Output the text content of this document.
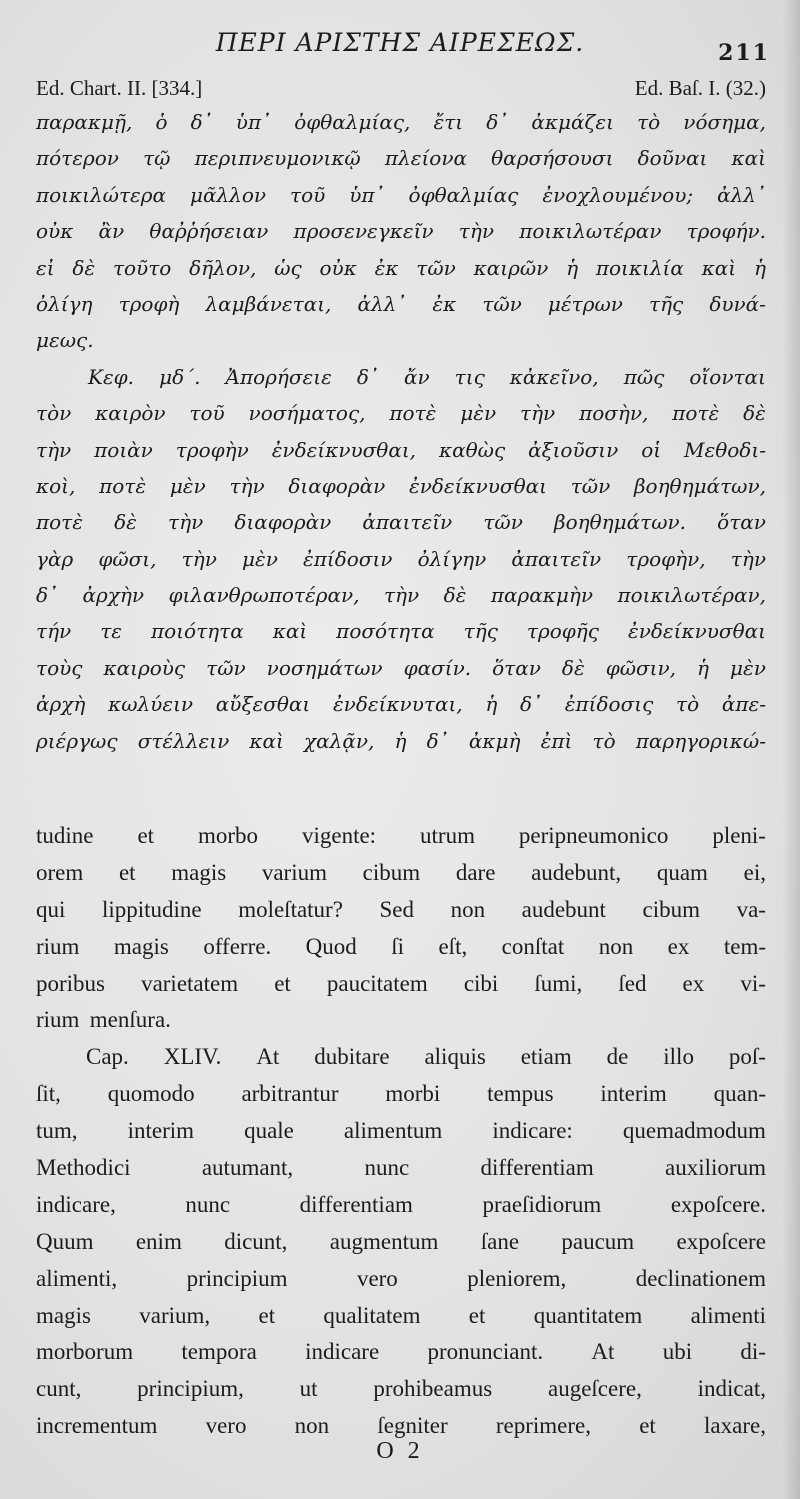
ΠΕΡΙ ΑΡΙΣΤΗΣ ΑΙΡΕΣΕΩΣ.	211
Ed. Chart. II. [334.]	Ed. Baſ. I. (32.)
παρακμῇ, ὁ δ᾽ ὑπ᾽ ὀφθαλμίας, ἔτι δ᾽ ἀκμάζει τὸ νόσημα,
πότερον τῷ περιπνευμονικῷ πλείονα θαρσήσουσι δοῦναι καὶ
ποικιλώτερα μᾶλλον τοῦ ὑπ᾽ ὀφθαλμίας ἐνοχλουμένου; ἀλλ᾽
οὐκ ἂν θαῤῥήσειαν προσενεγκεῖν τὴν ποικιλωτέραν τροφήν.
εἰ δὲ τοῦτο δῆλον, ὡς οὐκ ἐκ τῶν καιρῶν ἡ ποικιλία καὶ ἡ
ὀλίγη τροφὴ λαμβάνεται, ἀλλ᾽ ἐκ τῶν μέτρων τῆς δυνά-
μεως.
Κεφ. μδ΄. Ἀπορήσειε δ᾽ ἄν τις κἀκεῖνο, πῶς οἴονται
τὸν καιρὸν τοῦ νοσήματος, ποτὲ μὲν τὴν ποσὴν, ποτὲ δὲ
τὴν ποιὰν τροφὴν ἐνδείκνυσθαι, καθὼς ἀξιοῦσιν οἱ Μεθοδι-
κοὶ, ποτὲ μὲν τὴν διαφορὰν ἐνδείκνυσθαι τῶν βοηθημάτων,
ποτὲ δὲ τὴν διαφορὰν ἀπαιτεῖν τῶν βοηθημάτων. ὅταν
γὰρ φῶσι, τὴν μὲν ἐπίδοσιν ὀλίγην ἀπαιτεῖν τροφὴν, τὴν
δ᾽ ἀρχὴν φιλανθρωποτέραν, τὴν δὲ παρακμὴν ποικιλωτέραν,
τήν τε ποιότητα καὶ ποσότητα τῆς τροφῆς ἐνδείκνυσθαι
τοὺς καιροὺς τῶν νοσημάτων φασίν. ὅταν δὲ φῶσιν, ἡ μὲν
ἀρχὴ κωλύειν αὔξεσθαι ἐνδείκνυται, ἡ δ᾽ ἐπίδοσις τὸ ἀπε-
ριέργως στέλλειν καὶ χαλᾷν, ἡ δ᾽ ἀκμὴ ἐπὶ τὸ παρηγορικώ-
tudine et morbo vigente: utrum peripneumonico pleni-
orem et magis varium cibum dare audebunt, quam ei,
qui lippitudine moleſtatur? Sed non audebunt cibum va-
rium magis offerre. Quod ſi eſt, conſtat non ex tem-
poribus varietatem et paucitatem cibi ſumi, ſed ex vi-
rium menſura.
Cap. XLIV. At dubitare aliquis etiam de illo poſ-
ſit, quomodo arbitrantur morbi tempus interim quan-
tum, interim quale alimentum indicare: quemadmodum
Methodici	autumant,	nunc	differentiam	auxiliorum
indicare,	nunc	differentiam	praeſidiorum	expoſcere.
Quum enim dicunt, augmentum ſane paucum expoſcere
alimenti,	principium	vero	pleniorem,	declinationem
magis varium, et qualitatem et quantitatem alimenti
morborum tempora indicare pronunciant. At ubi di-
cunt, principium, ut prohibeamus augeſcere, indicat,
incrementum vero non ſegniter reprimere, et laxare,
O 2
